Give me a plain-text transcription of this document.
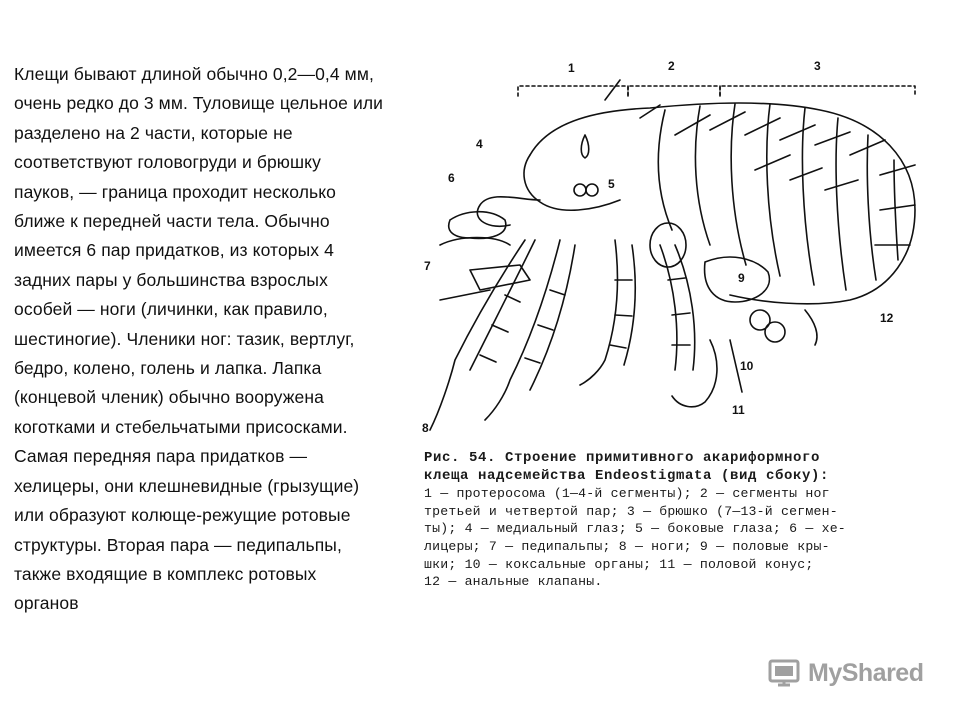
1	2	3
4
5
6
7
8
9
10
11
12
Клещи бывают длиной обычно 0,2—0,4 мм,
очень редко до 3 мм. Туловище цельное или
разделено на 2 части, которые не
соответствуют головогруди и брюшку
пауков, — граница проходит несколько
ближе к передней части тела. Обычно
имеется 6 пар придатков, из которых 4
задних пары у большинства взрослых
особей — ноги (личинки, как правило,
шестиногие). Членики ног: тазик, вертлуг,
бедро, колено, голень и лапка. Лапка
(концевой членик) обычно вооружена
коготками и стебельчатыми присосками.
Самая передняя пара придатков —
хелицеры, они клешневидные (грызущие)
или образуют колюще-режущие ротовые
структуры. Вторая пара — педипальпы,
также входящие в комплекс ротовых
органов
Рис. 54. Строение примитивного акариформного
клеща надсемейства Endeostigmata (вид сбоку):
1 — протеросома (1—4-й сегменты); 2 — сегменты ног
третьей и четвертой пар; 3 — брюшко (7—13-й сегмен-
ты); 4 — медиальный глаз; 5 — боковые глаза; 6 — хе-
лицеры; 7 — педипальпы; 8 — ноги; 9 — половые кры-
шки; 10 — коксальные органы; 11 — половой конус;
12 — анальные клапаны.
MyShared
